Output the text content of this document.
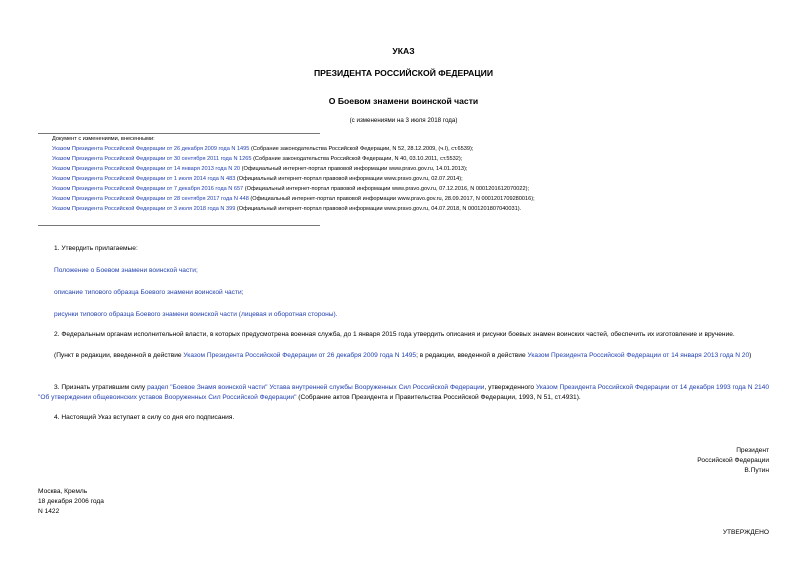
УКАЗ
ПРЕЗИДЕНТА РОССИЙСКОЙ ФЕДЕРАЦИИ
О Боевом знамени воинской части
(с изменениями на 3 июля 2018 года)
Документ с изменениями, внесенными:
Указом Президента Российской Федерации от 26 декабря 2009 года N 1495 (Собрание законодательства Российской Федерации, N 52, 28.12.2009, (ч.I), ст.6539);
Указом Президента Российской Федерации от 30 сентября 2011 года N 1265 (Собрание законодательства Российской Федерации, N 40, 03.10.2011, ст.5532);
Указом Президента Российской Федерации от 14 января 2013 года N 20 (Официальный интернет-портал правовой информации www.pravo.gov.ru, 14.01.2013);
Указом Президента Российской Федерации от 1 июля 2014 года N 483 (Официальный интернет-портал правовой информации www.pravo.gov.ru, 02.07.2014);
Указом Президента Российской Федерации от 7 декабря 2016 года N 657 (Официальный интернет-портал правовой информации www.pravo.gov.ru, 07.12.2016, N 0001201612070022);
Указом Президента Российской Федерации от 28 сентября 2017 года N 448 (Официальный интернет-портал правовой информации www.pravo.gov.ru, 28.09.2017, N 0001201709280016);
Указом Президента Российской Федерации от 3 июля 2018 года N 399 (Официальный интернет-портал правовой информации www.pravo.gov.ru, 04.07.2018, N 0001201807040031).
1. Утвердить прилагаемые:
Положение о Боевом знамени воинской части;
описание типового образца Боевого знамени воинской части;
рисунки типового образца Боевого знамени воинской части (лицевая и оборотная стороны).
2. Федеральным органам исполнительной власти, в которых предусмотрена военная служба, до 1 января 2015 года утвердить описания и рисунки боевых знамен воинских частей, обеспечить их изготовление и вручение.
(Пункт в редакции, введенной в действие Указом Президента Российской Федерации от 26 декабря 2009 года N 1495; в редакции, введенной в действие Указом Президента Российской Федерации от 14 января 2013 года N 20)
3. Признать утратившим силу раздел "Боевое Знамя воинской части" Устава внутренней службы Вооруженных Сил Российской Федерации, утвержденного Указом Президента Российской Федерации от 14 декабря 1993 года N 2140 "Об утверждении общевоинских уставов Вооруженных Сил Российской Федерации" (Собрание актов Президента и Правительства Российской Федерации, 1993, N 51, ст.4931).
4. Настоящий Указ вступает в силу со дня его подписания.
Президент
Российской Федерации
В.Путин
Москва, Кремль
18 декабря 2006 года
N 1422
УТВЕРЖДЕНО
